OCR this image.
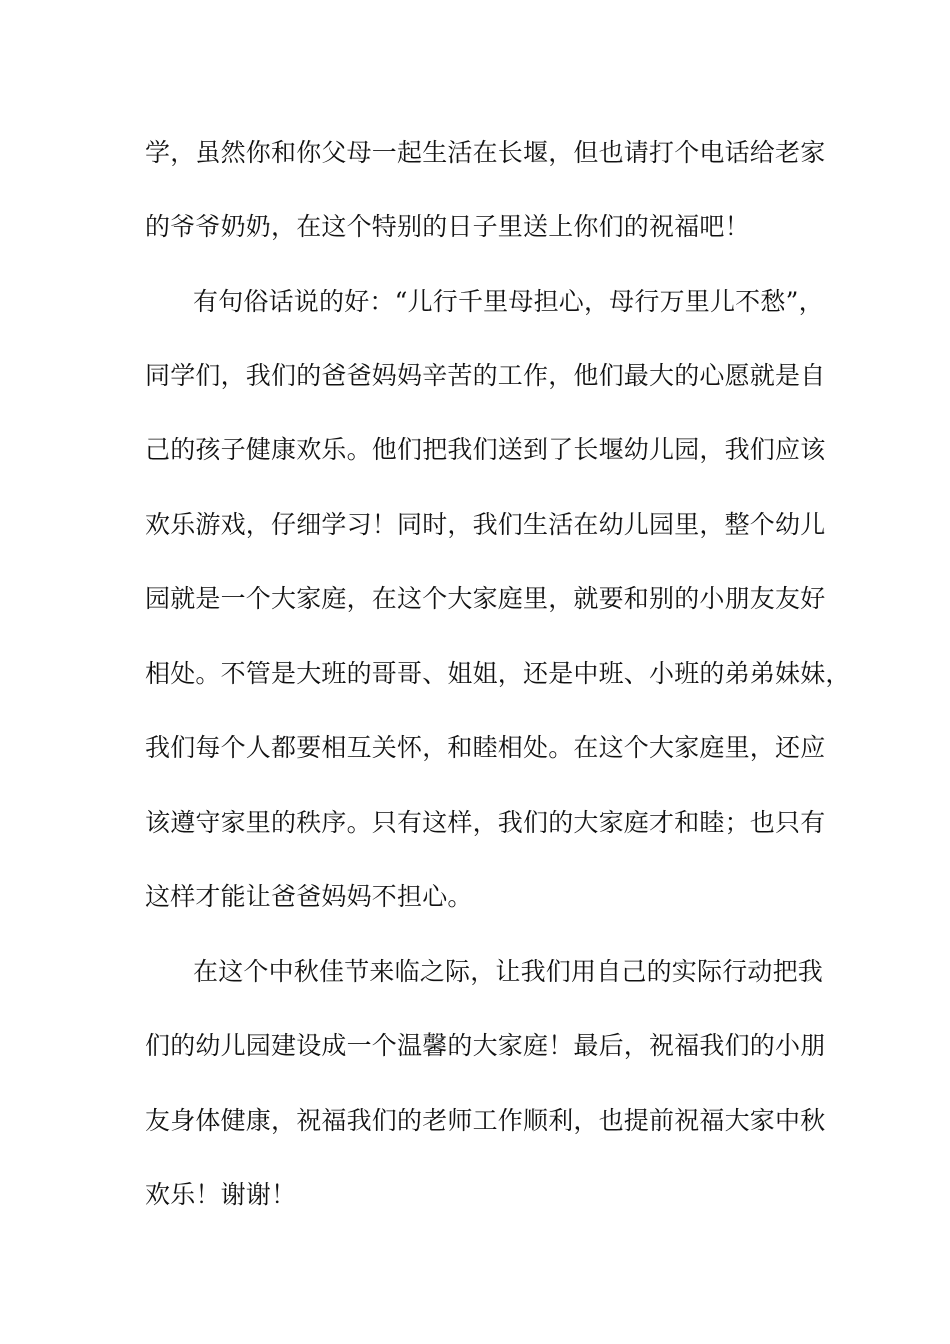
学，虽然你和你父母一起生活在长堰，但也请打个电话给老家
的爷爷奶奶，在这个特别的日子里送上你们的祝福吧！
有句俗话说的好：“儿行千里母担心，母行万里儿不愁”，
同学们，我们的爸爸妈妈辛苦的工作，他们最大的心愿就是自
己的孩子健康欢乐。他们把我们送到了长堰幼儿园，我们应该
欢乐游戏，仔细学习！同时，我们生活在幼儿园里，整个幼儿
园就是一个大家庭，在这个大家庭里，就要和别的小朋友友好
相处。不管是大班的哥哥、姐姐，还是中班、小班的弟弟妹妹，
我们每个人都要相互关怀，和睦相处。在这个大家庭里，还应
该遵守家里的秩序。只有这样，我们的大家庭才和睦；也只有
这样才能让爸爸妈妈不担心。
在这个中秋佳节来临之际，让我们用自己的实际行动把我
们的幼儿园建设成一个温馨的大家庭！最后，祝福我们的小朋
友身体健康，祝福我们的老师工作顺利，也提前祝福大家中秋
欢乐！谢谢！
